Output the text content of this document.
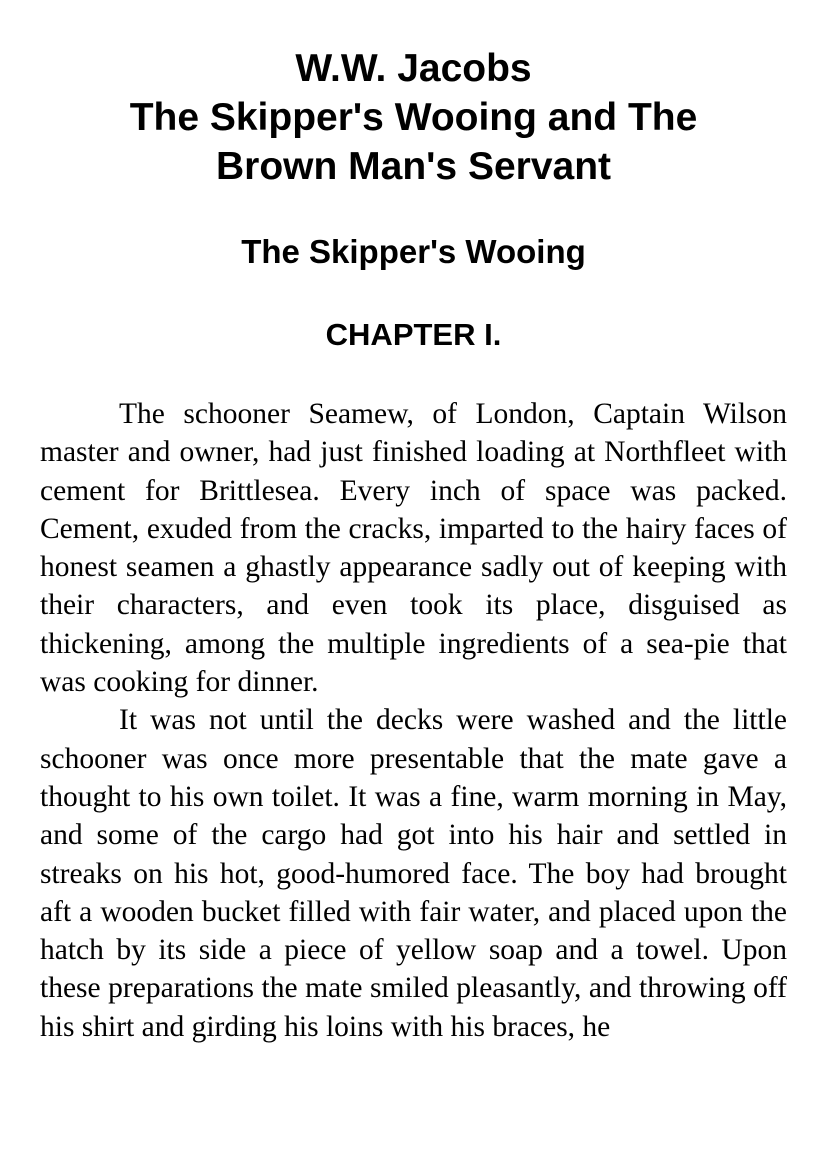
W.W. Jacobs
The Skipper's Wooing and The
Brown Man's Servant
The Skipper's Wooing
CHAPTER I.

The schooner Seamew, of London, Captain Wilson master and owner, had just finished loading at Northfleet with cement for Brittlesea. Every inch of space was packed. Cement, exuded from the cracks, imparted to the hairy faces of honest seamen a ghastly appearance sadly out of keeping with their characters, and even took its place, disguised as thickening, among the multiple ingredients of a sea-pie that was cooking for dinner.

It was not until the decks were washed and the little schooner was once more presentable that the mate gave a thought to his own toilet. It was a fine, warm morning in May, and some of the cargo had got into his hair and settled in streaks on his hot, good-humored face. The boy had brought aft a wooden bucket filled with fair water, and placed upon the hatch by its side a piece of yellow soap and a towel. Upon these preparations the mate smiled pleasantly, and throwing off his shirt and girding his loins with his braces, he
